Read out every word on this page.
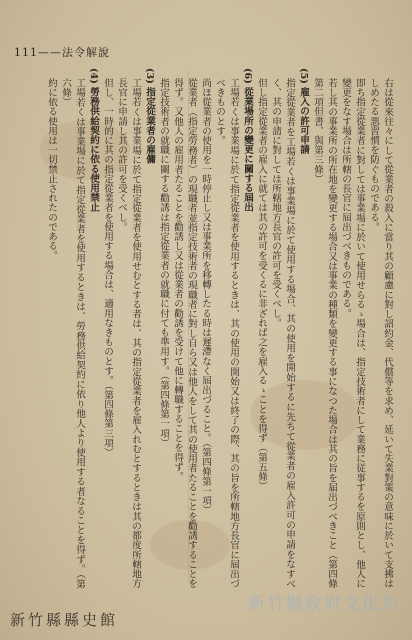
111——法令解說

右は從來往々にして從業者の殺入に當り其の顧慮に對し詔約金、代償等を求め、延いて失業對策の意味に於いて支拂はしめたる悪習慣を防ぐものである。

即ち指定從業者に對しては事業場に於いて使用せらるゝ場合は、指定技術者にして業務に従事するを原則とし、他人に變更をなす場合は所轄の長官に屆出づべきものである。

若し其の事業所の所在地を變更する場合又は事業の種類を變更する事になつた場合は其の旨を届出づべきこと（第四條第二項但書、與第三條）

(5) 雇入の許可申請

指定從業者を工場若くは事業場に於て使用する場合、其の使用を開始するに先ちて從業者の雇入許可の申請をなすべく、其の申請に對しては所轄地方長官の許可を受くべし。

但し指定從業者の雇入に就ては其の許可を受くるに非ざれば之を雇入るゝことを得ず（第五條）

(6) 從業場所の變更に關する屆出

工場若くは事業場に於て指定從業者を使用するときは、其の使用の開始又は終了の際、其の旨を所轄地方長官に屆出づべきものとす。

尚ほ從業者の使用を一時停止し又は事業所を移轉したる時は遲滯なく屆出づること。（第四條第一項）

從業者（指定勞務者）の現職者並指定技術者の現職者に對し自ら又は他人をして其の使用者たることを勸誘することを得ず。又他人の雇用者たることを勸誘し又は從業者の勸誘を受けて他に轉職することを得ず。

指定技術者の就職に關する勸誘は指定從業者の就職に付ても準用す。（第四條第一項）

(3) 指定從業者の雇傭

工場若くは事業場に於て指定從業者を使用せむとする者は、其の指定從業者を雇入れむとするときは其の都度所轄地方長官に申請し其の許可を受くべし。

但し、一時的に其の指定從業者を使用する場合は、適用なきものとす。（第四條第三項）

(4) 勞務供給契約に依る使用禁止

工場若くは事業場に於て指定從業者を使用するときは、勞務供給契約に依り他人より使用する者なることを得ず。（第六條）

約に依る使用は一切禁止されたのである。

新竹縣縣史館
新竹縣政府文化局
